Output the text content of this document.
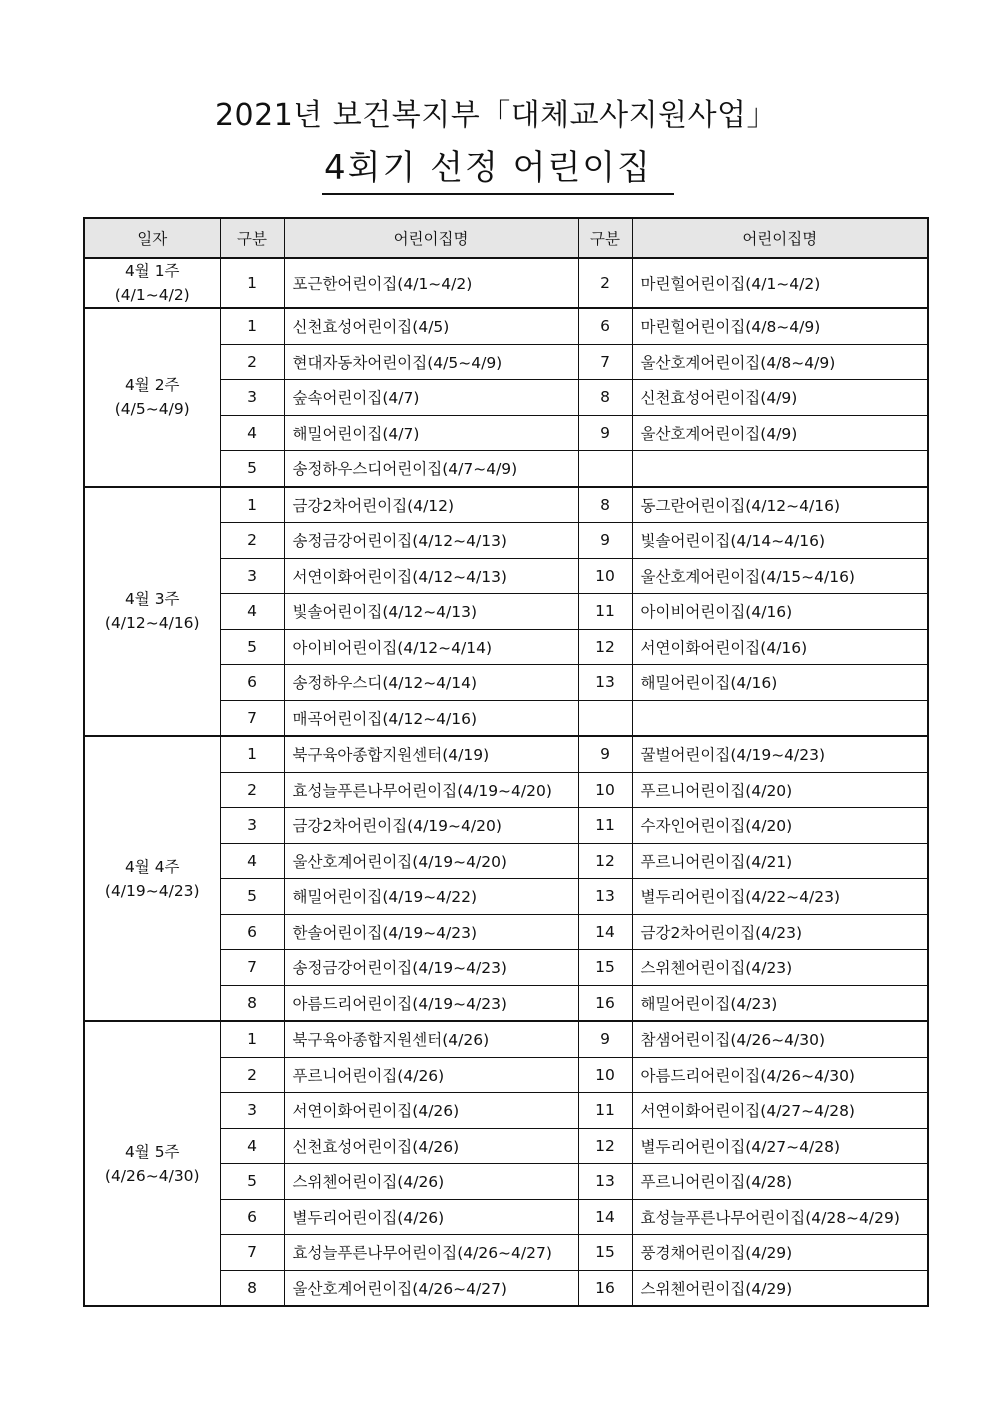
2021년 보건복지부「대체교사지원사업」
4회기 선정 어린이집
일자	구분	어린이집명	구분	어린이집명

4월 1주
(4/1~4/2)	1	포근한어린이집(4/1~4/2)	2	마린힐어린이집(4/1~4/2)

4월 2주
(4/5~4/9)	1	신천효성어린이집(4/5)	6	마린힐어린이집(4/8~4/9)
	2	현대자동차어린이집(4/5~4/9)	7	울산호계어린이집(4/8~4/9)
	3	숲속어린이집(4/7)	8	신천효성어린이집(4/9)
	4	해밀어린이집(4/7)	9	울산호계어린이집(4/9)
	5	송정하우스디어린이집(4/7~4/9)		

4월 3주
(4/12~4/16)	1	금강2차어린이집(4/12)	8	동그란어린이집(4/12~4/16)
	2	송정금강어린이집(4/12~4/13)	9	빛솔어린이집(4/14~4/16)
	3	서연이화어린이집(4/12~4/13)	10	울산호계어린이집(4/15~4/16)
	4	빛솔어린이집(4/12~4/13)	11	아이비어린이집(4/16)
	5	아이비어린이집(4/12~4/14)	12	서연이화어린이집(4/16)
	6	송정하우스디(4/12~4/14)	13	해밀어린이집(4/16)
	7	매곡어린이집(4/12~4/16)		

4월 4주
(4/19~4/23)	1	북구육아종합지원센터(4/19)	9	꿀벌어린이집(4/19~4/23)
	2	효성늘푸른나무어린이집(4/19~4/20)	10	푸르니어린이집(4/20)
	3	금강2차어린이집(4/19~4/20)	11	수자인어린이집(4/20)
	4	울산호계어린이집(4/19~4/20)	12	푸르니어린이집(4/21)
	5	해밀어린이집(4/19~4/22)	13	별두리어린이집(4/22~4/23)
	6	한솔어린이집(4/19~4/23)	14	금강2차어린이집(4/23)
	7	송정금강어린이집(4/19~4/23)	15	스위첸어린이집(4/23)
	8	아름드리어린이집(4/19~4/23)	16	해밀어린이집(4/23)

4월 5주
(4/26~4/30)	1	북구육아종합지원센터(4/26)	9	참샘어린이집(4/26~4/30)
	2	푸르니어린이집(4/26)	10	아름드리어린이집(4/26~4/30)
	3	서연이화어린이집(4/26)	11	서연이화어린이집(4/27~4/28)
	4	신천효성어린이집(4/26)	12	별두리어린이집(4/27~4/28)
	5	스위첸어린이집(4/26)	13	푸르니어린이집(4/28)
	6	별두리어린이집(4/26)	14	효성늘푸른나무어린이집(4/28~4/29)
	7	효성늘푸른나무어린이집(4/26~4/27)	15	풍경채어린이집(4/29)
	8	울산호계어린이집(4/26~4/27)	16	스위첸어린이집(4/29)
